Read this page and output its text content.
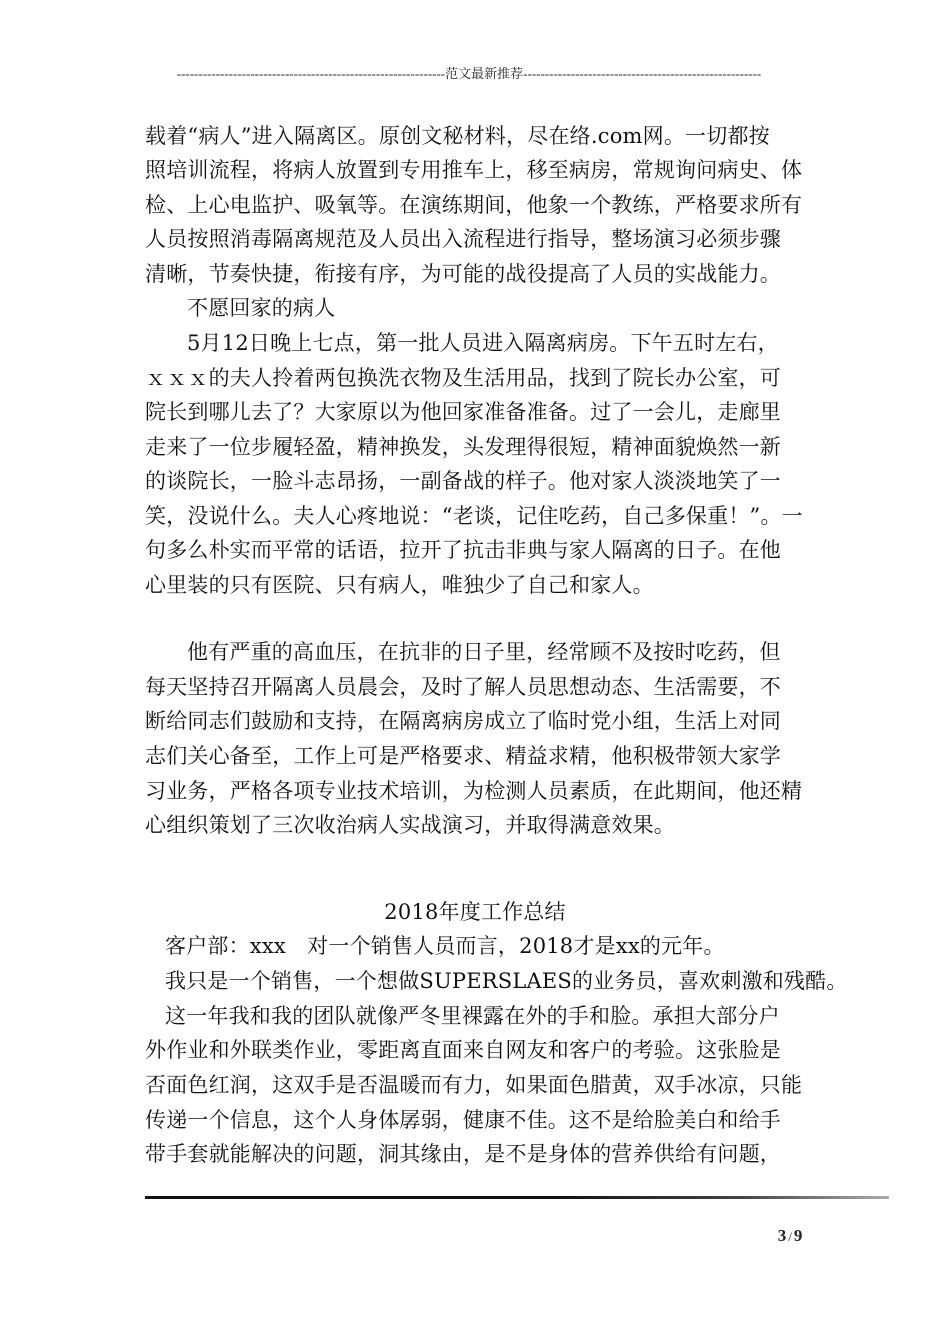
--------------------------------------------------------------范文最新推荐-------------------------------------------------------
载着“病人”进入隔离区。原创文秘材料，尽在络.com网。一切都按
照培训流程，将病人放置到专用推车上，移至病房，常规询问病史、体
检、上心电监护、吸氧等。在演练期间，他象一个教练，严格要求所有
人员按照消毒隔离规范及人员出入流程进行指导，整场演习必须步骤
清晰，节奏快捷，衔接有序，为可能的战役提高了人员的实战能力。
不愿回家的病人
5月12日晚上七点，第一批人员进入隔离病房。下午五时左右，
ｘｘｘ的夫人拎着两包换洗衣物及生活用品，找到了院长办公室，可
院长到哪儿去了？大家原以为他回家准备准备。过了一会儿，走廊里
走来了一位步履轻盈，精神换发，头发理得很短，精神面貌焕然一新
的谈院长，一脸斗志昂扬，一副备战的样子。他对家人淡淡地笑了一
笑，没说什么。夫人心疼地说：“老谈，记住吃药，自己多保重！”。一
句多么朴实而平常的话语，拉开了抗击非典与家人隔离的日子。在他
心里装的只有医院、只有病人，唯独少了自己和家人。
他有严重的高血压，在抗非的日子里，经常顾不及按时吃药，但
每天坚持召开隔离人员晨会，及时了解人员思想动态、生活需要，不
断给同志们鼓励和支持，在隔离病房成立了临时党小组，生活上对同
志们关心备至，工作上可是严格要求、精益求精，他积极带领大家学
习业务，严格各项专业技术培训，为检测人员素质，在此期间，他还精
心组织策划了三次收治病人实战演习，并取得满意效果。
2018年度工作总结
客户部：xxx　对一个销售人员而言，2018才是xx的元年。
我只是一个销售，一个想做SUPERSLAES的业务员，喜欢刺激和残酷。
这一年我和我的团队就像严冬里裸露在外的手和脸。承担大部分户
外作业和外联类作业，零距离直面来自网友和客户的考验。这张脸是
否面色红润，这双手是否温暖而有力，如果面色腊黄，双手冰凉，只能
传递一个信息，这个人身体孱弱，健康不佳。这不是给脸美白和给手
带手套就能解决的问题，洞其缘由，是不是身体的营养供给有问题，
3 / 9
